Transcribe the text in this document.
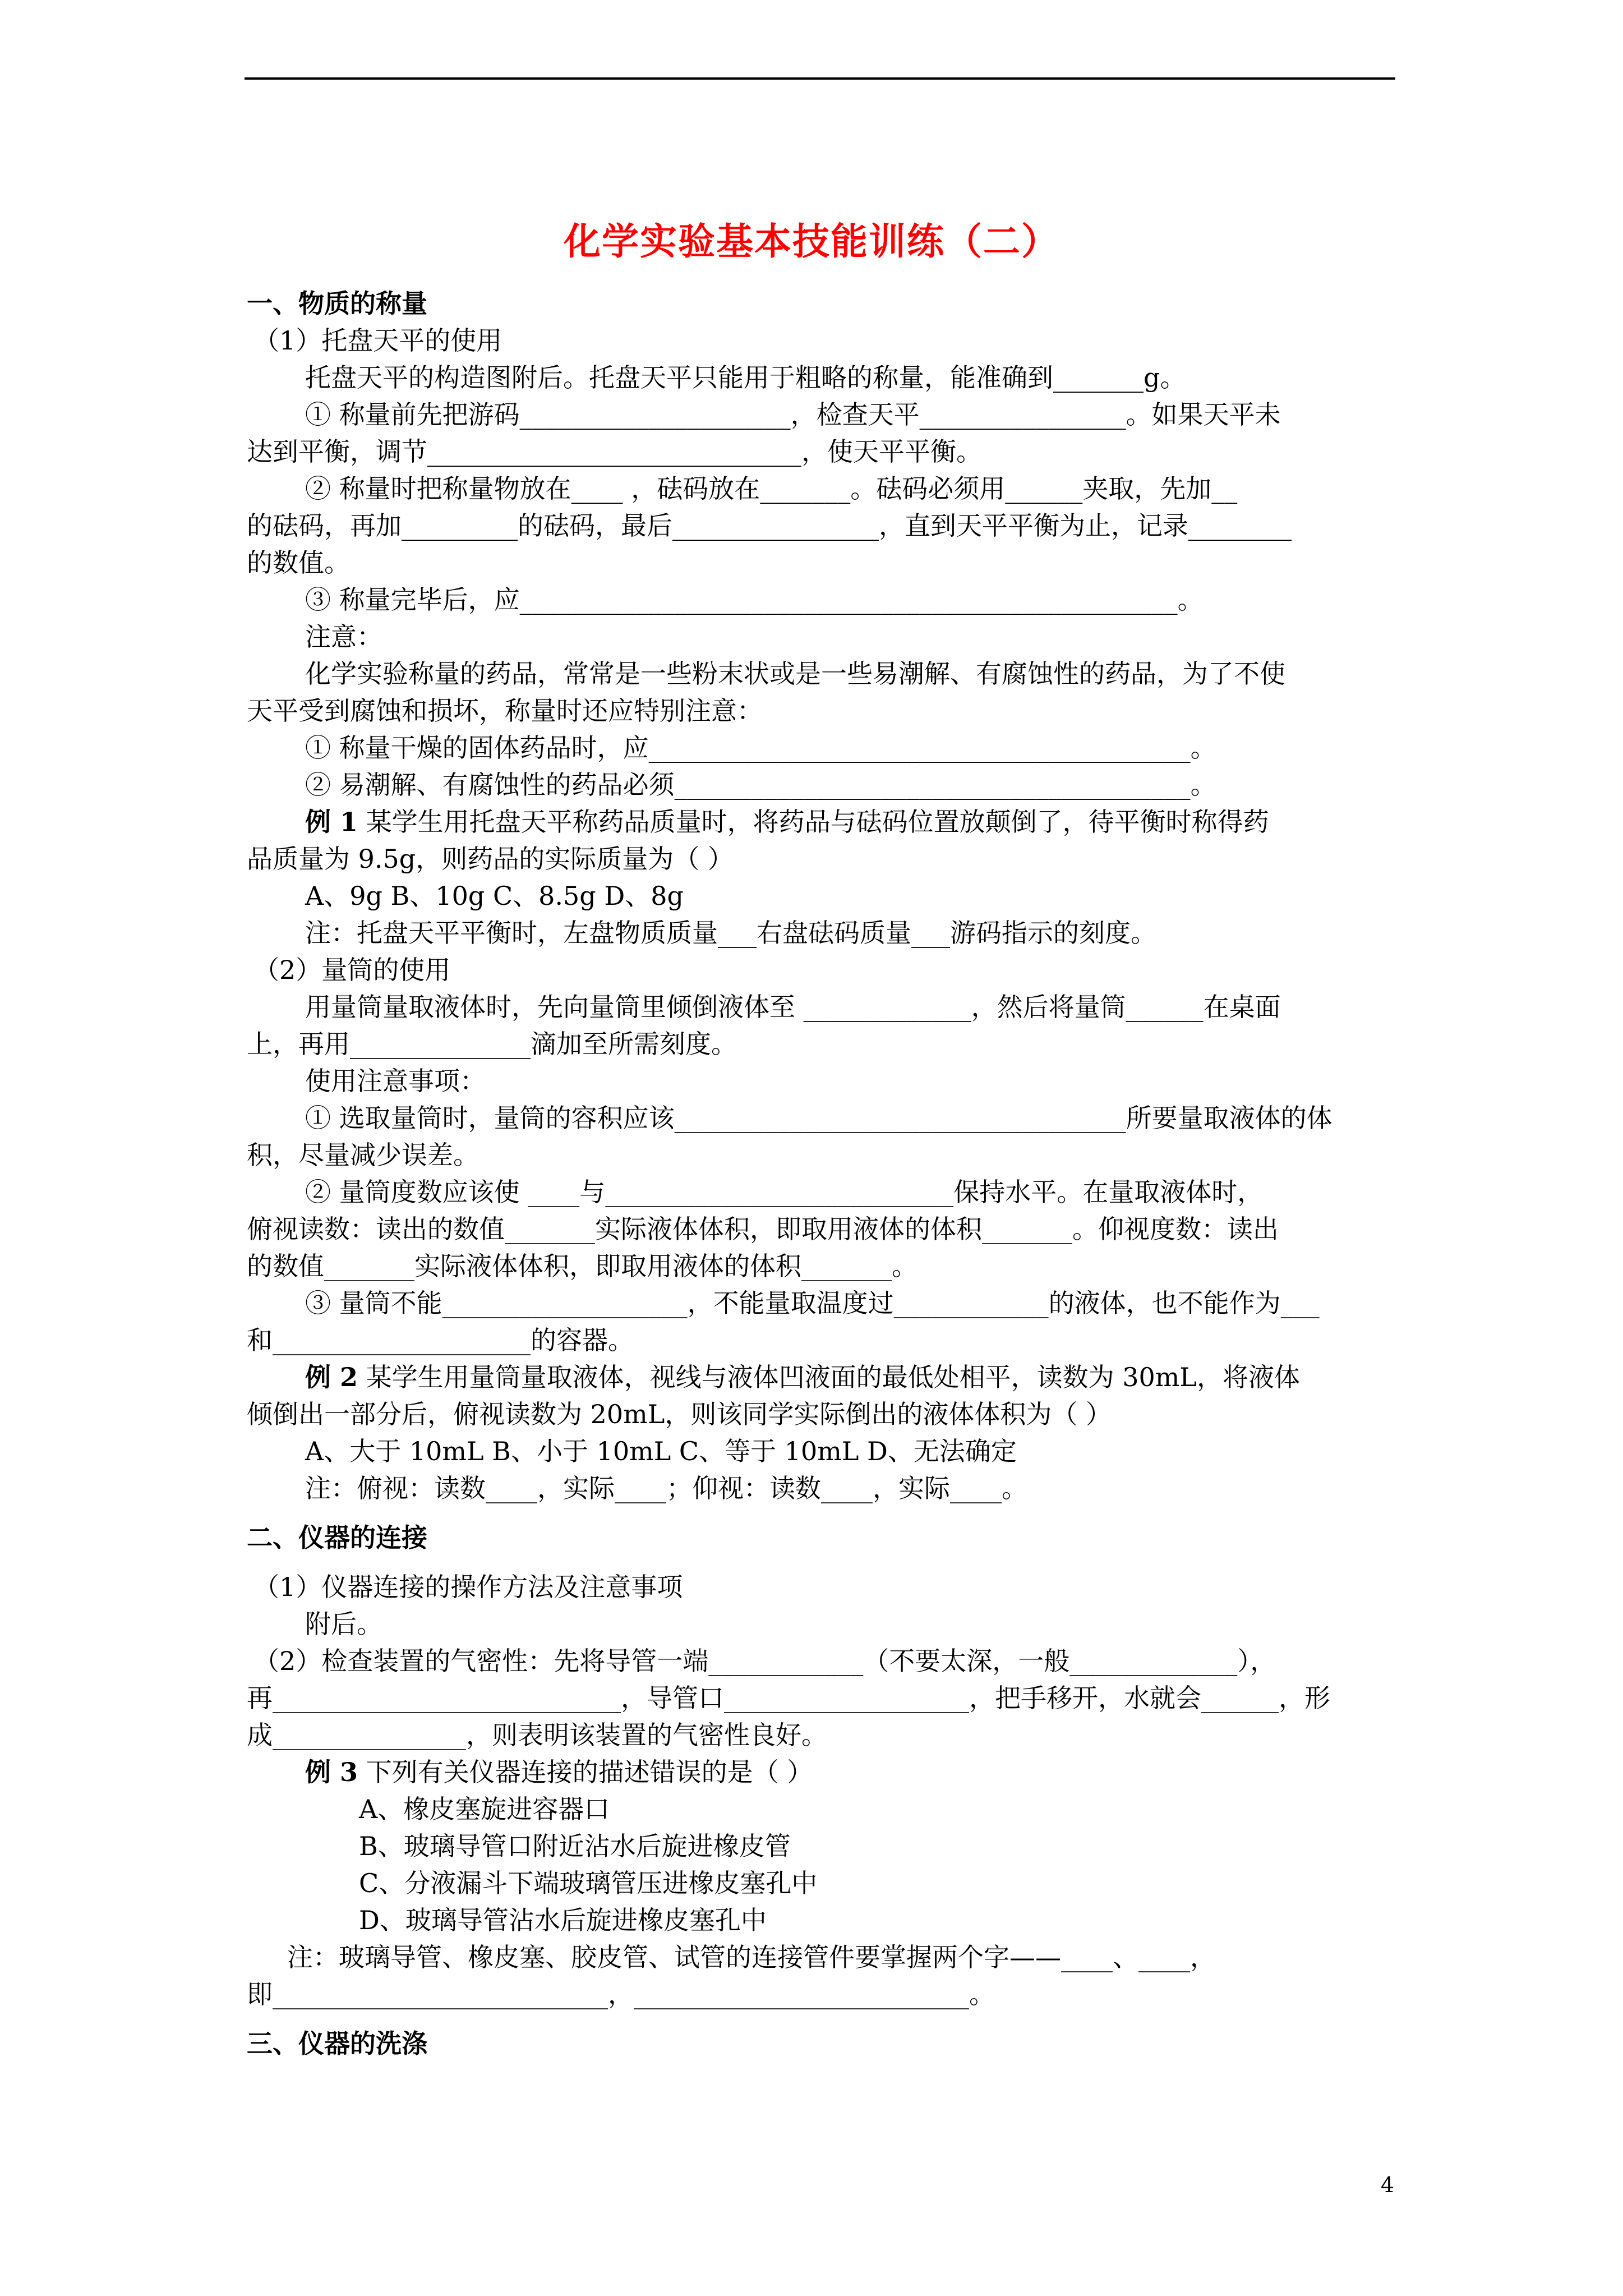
化学实验基本技能训练（二）
一、物质的称量
（1）托盘天平的使用
托盘天平的构造图附后。托盘天平只能用于粗略的称量，能准确到_______g。
① 称量前先把游码_____________________，检查天平________________。如果天平未
达到平衡，调节_____________________________，使天平平衡。
② 称量时把称量物放在____ ，砝码放在_______。砝码必须用______夹取，先加__
的砝码，再加_________的砝码，最后________________，直到天平平衡为止，记录________
的数值。
③ 称量完毕后，应___________________________________________________。
注意：
化学实验称量的药品，常常是一些粉末状或是一些易潮解、有腐蚀性的药品，为了不使
天平受到腐蚀和损坏，称量时还应特别注意：
① 称量干燥的固体药品时，应__________________________________________。
② 易潮解、有腐蚀性的药品必须________________________________________。
例 1 某学生用托盘天平称药品质量时，将药品与砝码位置放颠倒了，待平衡时称得药
品质量为 9.5g，则药品的实际质量为（ ）
A、9g B、10g C、8.5g D、8g
注：托盘天平平衡时，左盘物质质量___右盘砝码质量___游码指示的刻度。
（2）量筒的使用
用量筒量取液体时，先向量筒里倾倒液体至 _____________，然后将量筒______在桌面
上，再用______________滴加至所需刻度。
使用注意事项：
① 选取量筒时，量筒的容积应该___________________________________所要量取液体的体
积，尽量减少误差。
② 量筒度数应该使 ____与___________________________保持水平。在量取液体时，
俯视读数：读出的数值_______实际液体体积，即取用液体的体积_______。仰视度数：读出
的数值_______实际液体体积，即取用液体的体积_______。
③ 量筒不能___________________，不能量取温度过____________的液体，也不能作为___
和____________________的容器。
例 2 某学生用量筒量取液体，视线与液体凹液面的最低处相平，读数为 30mL，将液体
倾倒出一部分后，俯视读数为 20mL，则该同学实际倒出的液体体积为（ ）
A、大于 10mL B、小于 10mL C、等于 10mL D、无法确定
注：俯视：读数____，实际____；仰视：读数____，实际____。
二、仪器的连接
（1）仪器连接的操作方法及注意事项
附后。
（2）检查装置的气密性：先将导管一端____________（不要太深，一般_____________），
再___________________________，导管口___________________，把手移开，水就会______，形
成_______________，则表明该装置的气密性良好。
例 3 下列有关仪器连接的描述错误的是（ ）
A、橡皮塞旋进容器口
B、玻璃导管口附近沾水后旋进橡皮管
C、分液漏斗下端玻璃管压进橡皮塞孔中
D、玻璃导管沾水后旋进橡皮塞孔中
注：玻璃导管、橡皮塞、胶皮管、试管的连接管件要掌握两个字——____、____，
即__________________________，__________________________。
三、仪器的洗涤
4
